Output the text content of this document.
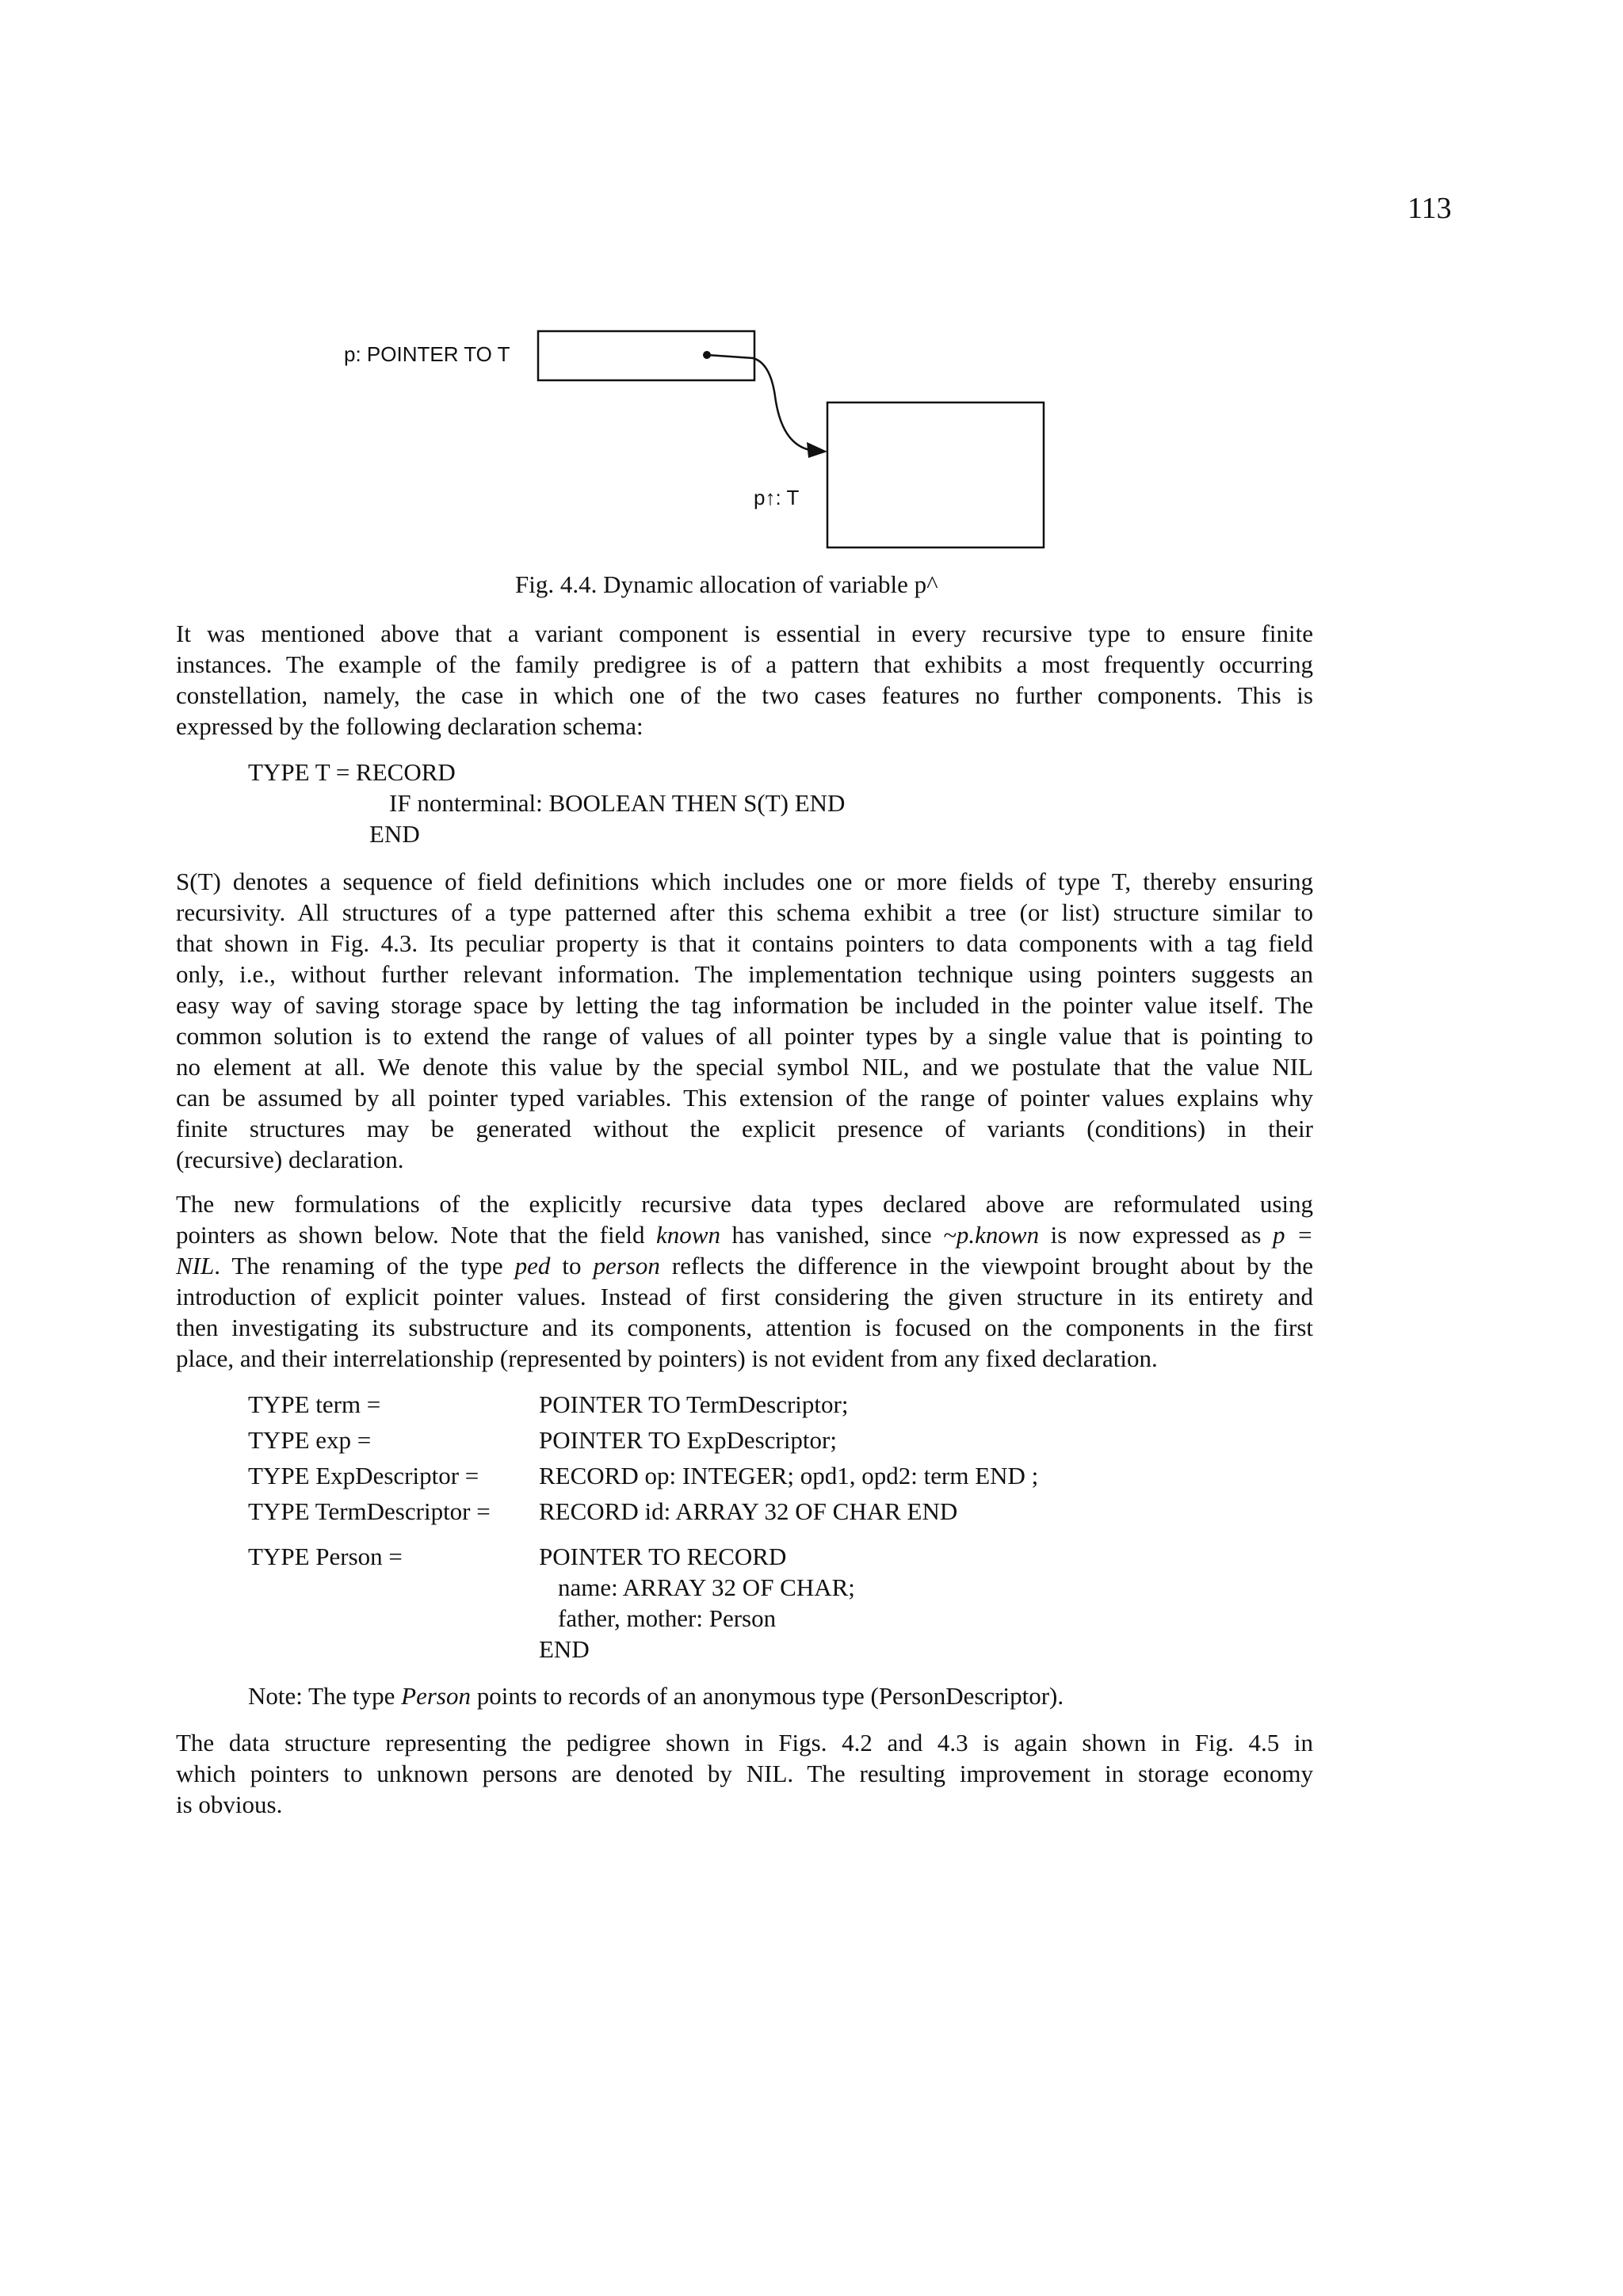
113
p: POINTER TO T
p↑: T
Fig. 4.4. Dynamic allocation of variable p^
It was mentioned above that a variant component is essential in every recursive type to ensure finite
instances. The example of the family predigree is of a pattern that exhibits a most frequently occurring
constellation, namely, the case in which one of the two cases features no further components. This is
expressed by the following declaration schema:
TYPE T = RECORD
IF nonterminal: BOOLEAN THEN S(T) END
END
S(T) denotes a sequence of field definitions which includes one or more fields of type T, thereby ensuring
recursivity. All structures of a type patterned after this schema exhibit a tree (or list) structure similar to
that shown in Fig. 4.3. Its peculiar property is that it contains pointers to data components with a tag field
only, i.e., without further relevant information. The implementation technique using pointers suggests an
easy way of saving storage space by letting the tag information be included in the pointer value itself. The
common solution is to extend the range of values of all pointer types by a single value that is pointing to
no element at all. We denote this value by the special symbol NIL, and we postulate that the value NIL
can be assumed by all pointer typed variables. This extension of the range of pointer values explains why
finite structures may be generated without the explicit presence of variants (conditions) in their
(recursive) declaration.
The new formulations of the explicitly recursive data types declared above are reformulated using
pointers as shown below. Note that the field known has vanished, since ~p.known is now expressed as p =
NIL. The renaming of the type ped to person reflects the difference in the viewpoint brought about by the
introduction of explicit pointer values. Instead of first considering the given structure in its entirety and
then investigating its substructure and its components, attention is focused on the components in the first
place, and their interrelationship (represented by pointers) is not evident from any fixed declaration.
TYPE term =	POINTER TO TermDescriptor;
TYPE exp =	POINTER TO ExpDescriptor;
TYPE ExpDescriptor = RECORD op: INTEGER; opd1, opd2: term END ;
TYPE TermDescriptor = RECORD id: ARRAY 32 OF CHAR END
TYPE Person =	POINTER TO RECORD
name: ARRAY 32 OF CHAR;
father, mother: Person
END
Note: The type Person points to records of an anonymous type (PersonDescriptor).
The data structure representing the pedigree shown in Figs. 4.2 and 4.3 is again shown in Fig. 4.5 in
which pointers to unknown persons are denoted by NIL. The resulting improvement in storage economy
is obvious.
